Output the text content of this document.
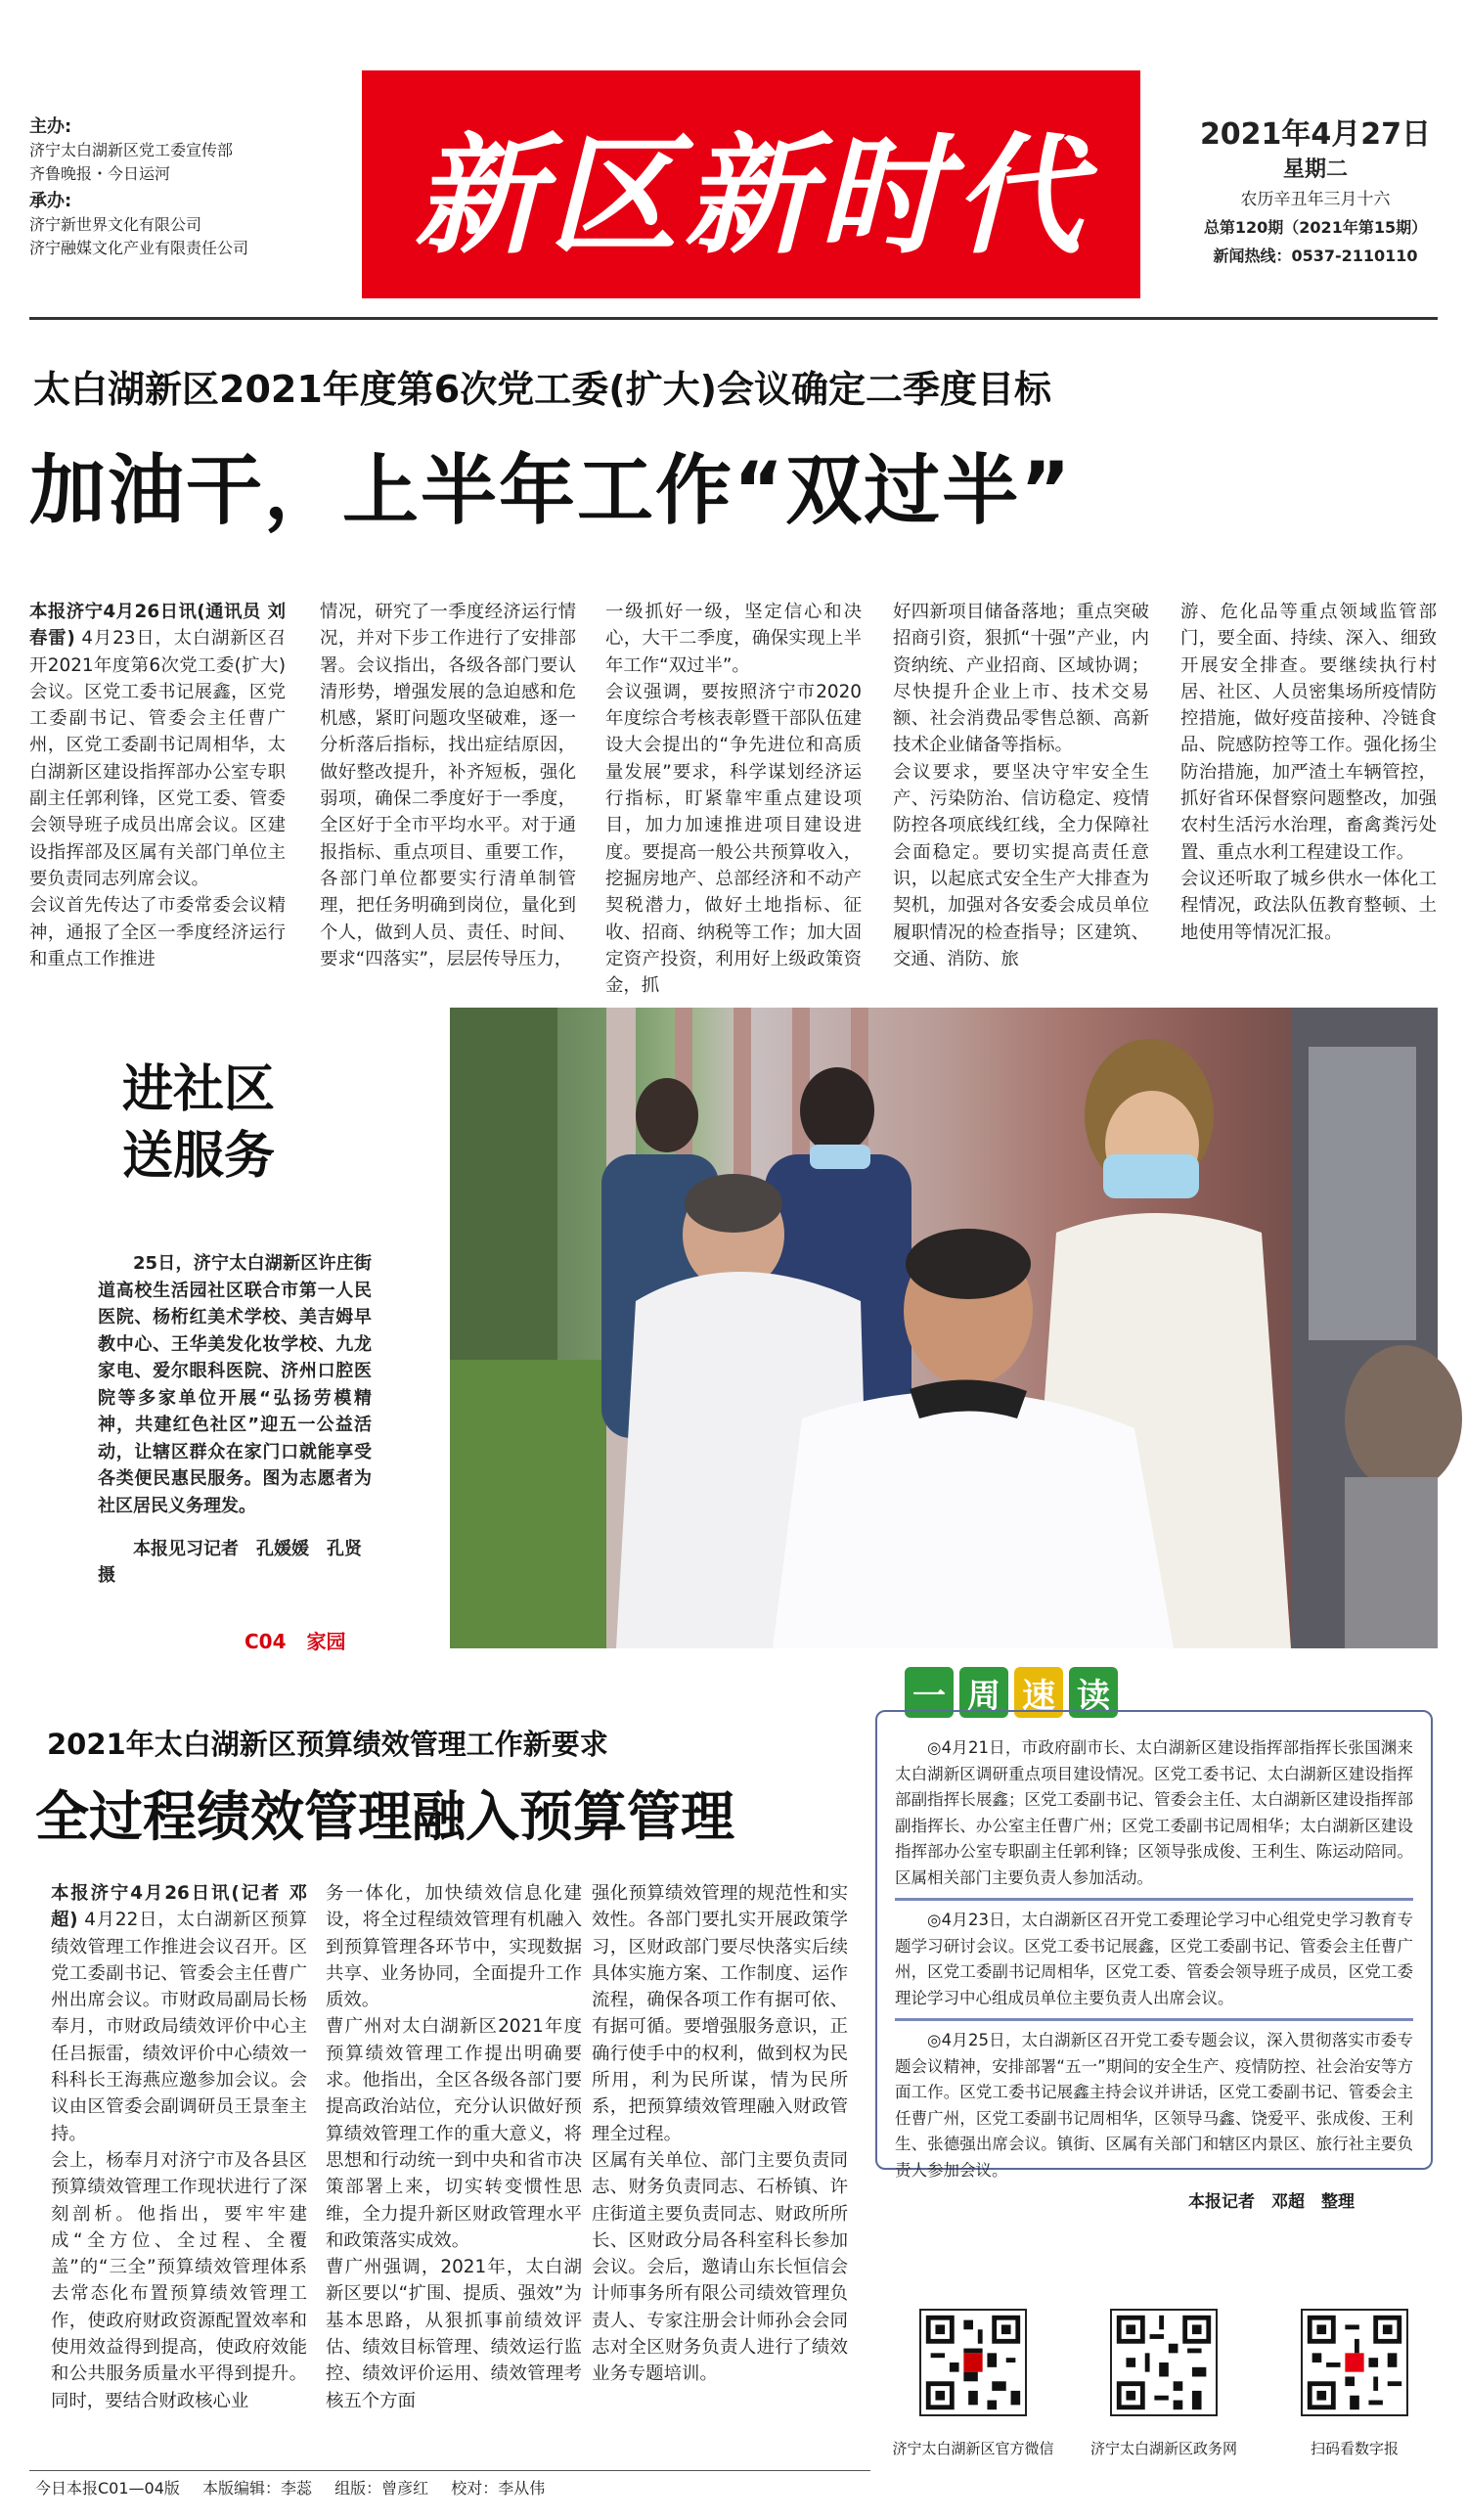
主办:
济宁太白湖新区党工委宣传部
齐鲁晚报・今日运河
承办:
济宁新世界文化有限公司
济宁融媒文化产业有限责任公司	新区新时代	2021年4月27日
星期二
农历辛丑年三月十六
总第120期（2021年第15期）
新闻热线：0537-2110110
太白湖新区2021年度第6次党工委(扩大)会议确定二季度目标
加油干，上半年工作“双过半”
本报济宁4月26日讯(通讯员 刘春雷) 4月23日，太白湖新区召开2021年度第6次党工委(扩大)会议。区党工委书记展鑫，区党工委副书记、管委会主任曹广州，区党工委副书记周相华，太白湖新区建设指挥部办公室专职副主任郭利锋，区党工委、管委会领导班子成员出席会议。区建设指挥部及区属有关部门单位主要负责同志列席会议。
会议首先传达了市委常委会议精神，通报了全区一季度经济运行和重点工作推进
情况，研究了一季度经济运行情况，并对下步工作进行了安排部署。会议指出，各级各部门要认清形势，增强发展的急迫感和危机感，紧盯问题攻坚破难，逐一分析落后指标，找出症结原因，做好整改提升，补齐短板，强化弱项，确保二季度好于一季度，全区好于全市平均水平。对于通报指标、重点项目、重要工作，各部门单位都要实行清单制管理，把任务明确到岗位，量化到个人，做到人员、责任、时间、要求“四落实”，层层传导压力，
一级抓好一级，坚定信心和决心，大干二季度，确保实现上半年工作“双过半”。
会议强调，要按照济宁市2020年度综合考核表彰暨干部队伍建设大会提出的“争先进位和高质量发展”要求，科学谋划经济运行指标，盯紧靠牢重点建设项目，加力加速推进项目建设进度。要提高一般公共预算收入，挖掘房地产、总部经济和不动产契税潜力，做好土地指标、征收、招商、纳税等工作；加大固定资产投资，利用好上级政策资金，抓
好四新项目储备落地；重点突破招商引资，狠抓“十强”产业，内资纳统、产业招商、区域协调；尽快提升企业上市、技术交易额、社会消费品零售总额、高新技术企业储备等指标。
会议要求，要坚决守牢安全生产、污染防治、信访稳定、疫情防控各项底线红线，全力保障社会面稳定。要切实提高责任意识，以起底式安全生产大排查为契机，加强对各安委会成员单位履职情况的检查指导；区建筑、交通、消防、旅
游、危化品等重点领域监管部门，要全面、持续、深入、细致开展安全排查。要继续执行村居、社区、人员密集场所疫情防控措施，做好疫苗接种、冷链食品、院感防控等工作。强化扬尘防治措施，加严渣土车辆管控，抓好省环保督察问题整改，加强农村生活污水治理，畜禽粪污处置、重点水利工程建设工作。
会议还听取了城乡供水一体化工程情况，政法队伍教育整顿、土地使用等情况汇报。
进社区
送服务
25日，济宁太白湖新区许庄街道高校生活园社区联合市第一人民医院、杨桁红美术学校、美吉姆早教中心、王华美发化妆学校、九龙家电、爱尔眼科医院、济州口腔医院等多家单位开展“弘扬劳模精神，共建红色社区”迎五一公益活动，让辖区群众在家门口就能享受各类便民惠民服务。图为志愿者为社区居民义务理发。
本报见习记者　孔媛媛　孔贤　摄
C04 家园
2021年太白湖新区预算绩效管理工作新要求
全过程绩效管理融入预算管理
本报济宁4月26日讯(记者 邓超) 4月22日，太白湖新区预算绩效管理工作推进会议召开。区党工委副书记、管委会主任曹广州出席会议。市财政局副局长杨奉月，市财政局绩效评价中心主任吕振雷，绩效评价中心绩效一科科长王海燕应邀参加会议。会议由区管委会副调研员王景奎主持。
会上，杨奉月对济宁市及各县区预算绩效管理工作现状进行了深刻剖析。他指出，要牢牢建成“全方位、全过程、全覆盖”的“三全”预算绩效管理体系去常态化布置预算绩效管理工作，使政府财政资源配置效率和使用效益得到提高，使政府效能和公共服务质量水平得到提升。同时，要结合财政核心业
务一体化，加快绩效信息化建设，将全过程绩效管理有机融入到预算管理各环节中，实现数据共享、业务协同，全面提升工作质效。
曹广州对太白湖新区2021年度预算绩效管理工作提出明确要求。他指出，全区各级各部门要提高政治站位，充分认识做好预算绩效管理工作的重大意义，将思想和行动统一到中央和省市决策部署上来，切实转变惯性思维，全力提升新区财政管理水平和政策落实成效。
曹广州强调，2021年，太白湖新区要以“扩围、提质、强效”为基本思路，从狠抓事前绩效评估、绩效目标管理、绩效运行监控、绩效评价运用、绩效管理考核五个方面
强化预算绩效管理的规范性和实效性。各部门要扎实开展政策学习，区财政部门要尽快落实后续具体实施方案、工作制度、运作流程，确保各项工作有据可依、有据可循。要增强服务意识，正确行使手中的权利，做到权为民所用，利为民所谋，情为民所系，把预算绩效管理融入财政管理全过程。
区属有关单位、部门主要负责同志、财务负责同志、石桥镇、许庄街道主要负责同志、财政所所长、区财政分局各科室科长参加会议。会后，邀请山东长恒信会计师事务所有限公司绩效管理负责人、专家注册会计师孙会会同志对全区财务负责人进行了绩效业务专题培训。
一 周 速 读
◎4月21日，市政府副市长、太白湖新区建设指挥部指挥长张国渊来太白湖新区调研重点项目建设情况。区党工委书记、太白湖新区建设指挥部副指挥长展鑫；区党工委副书记、管委会主任、太白湖新区建设指挥部副指挥长、办公室主任曹广州；区党工委副书记周相华；太白湖新区建设指挥部办公室专职副主任郭利锋；区领导张成俊、王利生、陈运动陪同。区属相关部门主要负责人参加活动。
◎4月23日，太白湖新区召开党工委理论学习中心组党史学习教育专题学习研讨会议。区党工委书记展鑫，区党工委副书记、管委会主任曹广州，区党工委副书记周相华，区党工委、管委会领导班子成员，区党工委理论学习中心组成员单位主要负责人出席会议。
◎4月25日，太白湖新区召开党工委专题会议，深入贯彻落实市委专题会议精神，安排部署“五一”期间的安全生产、疫情防控、社会治安等方面工作。区党工委书记展鑫主持会议并讲话，区党工委副书记、管委会主任曹广州，区党工委副书记周相华，区领导马鑫、饶爱平、张成俊、王利生、张德强出席会议。镇街、区属有关部门和辖区内景区、旅行社主要负责人参加会议。
本报记者　邓超　整理
济宁太白湖新区官方微信	济宁太白湖新区政务网	扫码看数字报
今日本报C01—04版 本版编辑：李蕊 组版：曾彦红 校对：李从伟
